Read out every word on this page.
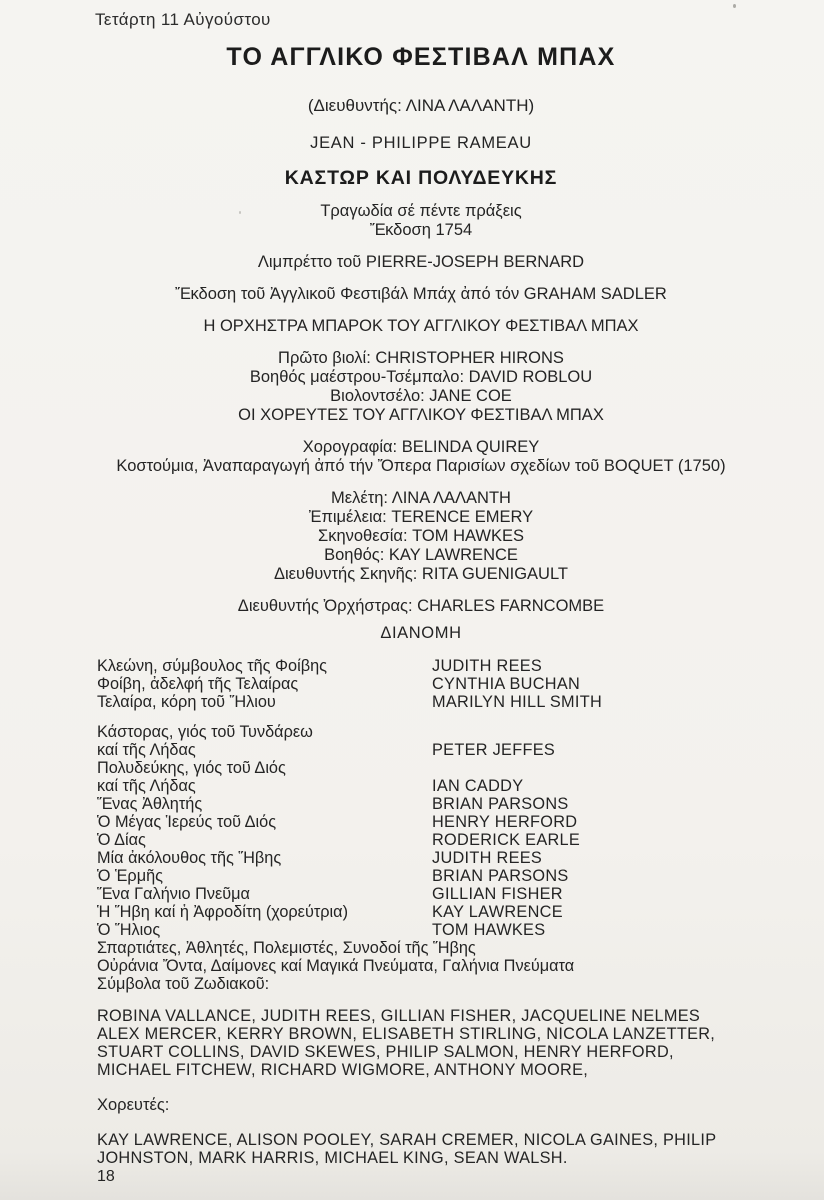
Τετάρτη 11 Αὐγούστου
ΤΟ ΑΓΓΛΙΚΟ ΦΕΣΤΙΒΑΛ ΜΠΑΧ
(Διευθυντής: ΛΙΝΑ ΛΑΛΑΝΤΗ)
JEAN - PHILIPPE RAMEAU
ΚΑΣΤΩΡ ΚΑΙ ΠΟΛΥΔΕΥΚΗΣ
Τραγωδία σέ πέντε πράξεις
Ἔκδοση 1754
Λιμπρέττο τοῦ PIERRE-JOSEPH BERNARD
Ἔκδοση τοῦ Ἀγγλικοῦ Φεστιβάλ Μπάχ ἀπό τόν GRAHAM SADLER
Η ΟΡΧΗΣΤΡΑ ΜΠΑΡΟΚ ΤΟΥ ΑΓΓΛΙΚΟΥ ΦΕΣΤΙΒΑΛ ΜΠΑΧ
Πρῶτο βιολί: CHRISTOPHER HIRONS
Βοηθός μαέστρου-Τσέμπαλο: DAVID ROBLOU
Βιολοντσέλο: JANE COE
ΟΙ ΧΟΡΕΥΤΕΣ ΤΟΥ ΑΓΓΛΙΚΟΥ ΦΕΣΤΙΒΑΛ ΜΠΑΧ
Χορογραφία: BELINDA QUIREY
Κοστούμια, Ἀναπαραγωγή ἀπό τήν Ὄπερα Παρισίων σχεδίων τοῦ BOQUET (1750)
Μελέτη: ΛΙΝΑ ΛΑΛΑΝΤΗ
Ἐπιμέλεια: TERENCE EMERY
Σκηνοθεσία: TOM HAWKES
Βοηθός: KAY LAWRENCE
Διευθυντής Σκηνῆς: RITA GUENIGAULT
Διευθυντής Ὀρχήστρας: CHARLES FARNCOMBE
ΔΙΑΝΟΜΗ
Κλεώνη, σύμβουλος τῆς Φοίβης	JUDITH REES
Φοίβη, ἀδελφή τῆς Τελαίρας	CYNTHIA BUCHAN
Τελαίρα, κόρη τοῦ Ἥλιου	MARILYN HILL SMITH
Κάστορας, γιός τοῦ Τυνδάρεω
καί τῆς Λήδας	PETER JEFFES
Πολυδεύκης, γιός τοῦ Διός
καί τῆς Λήδας	IAN CADDY
Ἕνας Ἀθλητής	BRIAN PARSONS
Ὁ Μέγας Ἱερεύς τοῦ Διός	HENRY HERFORD
Ὁ Δίας	RODERICK EARLE
Μία ἀκόλουθος τῆς Ἥβης	JUDITH REES
Ὁ Ἑρμῆς	BRIAN PARSONS
Ἕνα Γαλήνιο Πνεῦμα	GILLIAN FISHER
Ἡ Ἥβη καί ἡ Ἀφροδίτη (χορεύτρια)	KAY LAWRENCE
Ὁ Ἥλιος	TOM HAWKES
Σπαρτιάτες, Ἀθλητές, Πολεμιστές, Συνοδοί τῆς Ἥβης
Οὐράνια Ὄντα, Δαίμονες καί Μαγικά Πνεύματα, Γαλήνια Πνεύματα
Σύμβολα τοῦ Ζωδιακοῦ:
ROBINA VALLANCE, JUDITH REES, GILLIAN FISHER, JACQUELINE NELMES
ALEX MERCER, KERRY BROWN, ELISABETH STIRLING, NICOLA LANZETTER,
STUART COLLINS, DAVID SKEWES, PHILIP SALMON, HENRY HERFORD,
MICHAEL FITCHEW, RICHARD WIGMORE, ANTHONY MOORE,
Χορευτές:
KAY LAWRENCE, ALISON POOLEY, SARAH CREMER, NICOLA GAINES, PHILIP
JOHNSTON, MARK HARRIS, MICHAEL KING, SEAN WALSH.
18
